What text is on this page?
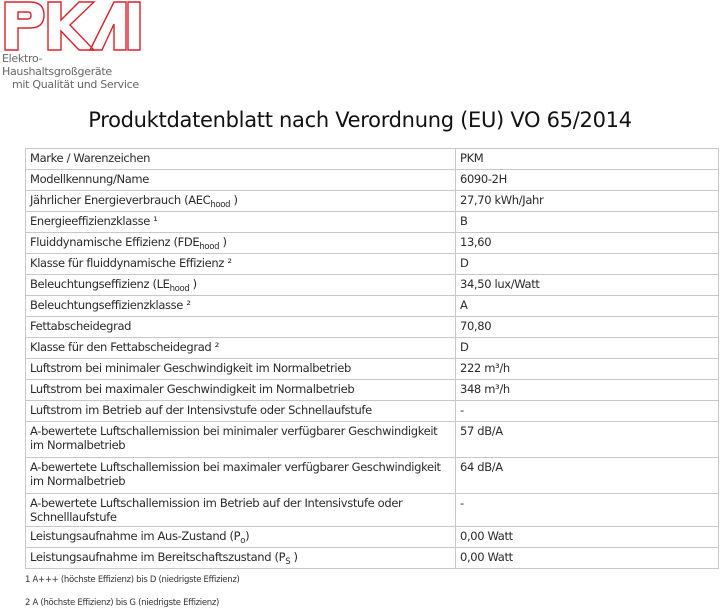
Elektro-Haushaltsgroßgeräte
mit Qualität und Service
Produktdatenblatt nach Verordnung (EU) VO 65/2014
Marke / Warenzeichen	PKM
Modellkennung/Name	6090-2H
Jährlicher Energieverbrauch ($AEC_{hood}$ )	27,70 kWh/Jahr
Energieeffizienzklasse ¹	B
Fluiddynamische Effizienz ($FDE_{hood}$ )	13,60
Klasse für fluiddynamische Effizienz ²	D
Beleuchtungseffizienz ($LE_{hood}$ )	34,50 lux/Watt
Beleuchtungseffizienzklasse ²	A
Fettabscheidegrad	70,80
Klasse für den Fettabscheidegrad ²	D
Luftstrom bei minimaler Geschwindigkeit im Normalbetrieb	222 m³/h
Luftstrom bei maximaler Geschwindigkeit im Normalbetrieb	348 m³/h
Luftstrom im Betrieb auf der Intensivstufe oder Schnellaufstufe	-
A-bewertete Luftschallemission bei minimaler verfügbarer Geschwindigkeit
im Normalbetrieb	57 dB/A
A-bewertete Luftschallemission bei maximaler verfügbarer Geschwindigkeit
im Normalbetrieb	64 dB/A
A-bewertete Luftschallemission im Betrieb auf der Intensivstufe oder Schnelllaufstufe	-
Leistungsaufnahme im Aus-Zustand $(P_o)$	0,00 Watt
Leistungsaufnahme im Bereitschaftszustand ($P_S$ )	0,00 Watt
1 A+++ (höchste Effizienz) bis D (niedrigste Effizienz)
2 A (höchste Effizienz) bis G (niedrigste Effizienz)
